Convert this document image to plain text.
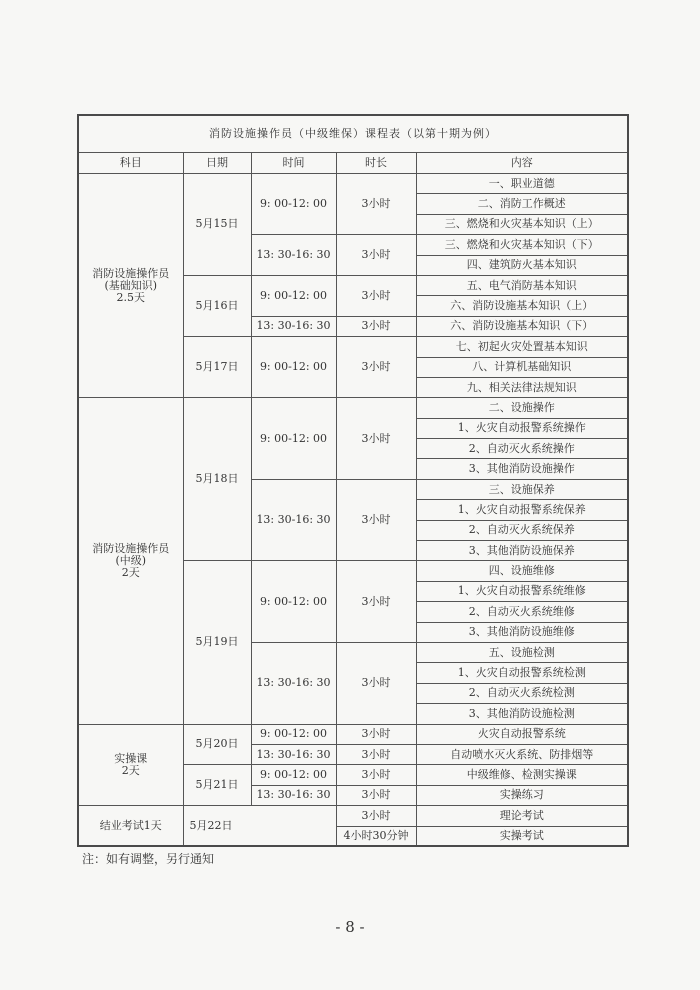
消防设施操作员（中级维保）课程表（以第十期为例）				
科目	日期	时间	时长	内容

消防设施操作员
(基础知识)
2.5天	5月15日	9: 00-12: 00	3小时	一、职业道德
				二、消防工作概述
				三、燃烧和火灾基本知识（上）
		13: 30-16: 30	3小时	三、燃烧和火灾基本知识（下）
				四、建筑防火基本知识
	5月16日	9: 00-12: 00	3小时	五、电气消防基本知识
				六、消防设施基本知识（上）
		13: 30-16: 30	3小时	六、消防设施基本知识（下）
	5月17日	9: 00-12: 00	3小时	七、初起火灾处置基本知识
				八、计算机基础知识
				九、相关法律法规知识

消防设施操作员
(中级)
2天	5月18日	9: 00-12: 00	3小时	二、设施操作
				1、火灾自动报警系统操作
				2、自动灭火系统操作
				3、其他消防设施操作
		13: 30-16: 30	3小时	三、设施保养
				1、火灾自动报警系统保养
				2、自动灭火系统保养
				3、其他消防设施保养
	5月19日	9: 00-12: 00	3小时	四、设施维修
				1、火灾自动报警系统维修
				2、自动灭火系统维修
				3、其他消防设施维修
		13: 30-16: 30	3小时	五、设施检测
				1、火灾自动报警系统检测
				2、自动灭火系统检测
				3、其他消防设施检测

实操课
2天	5月20日	9: 00-12: 00	3小时	火灾自动报警系统
		13: 30-16: 30	3小时	自动喷水灭火系统、防排烟等
	5月21日	9: 00-12: 00	3小时	中级维修、检测实操课
		13: 30-16: 30	3小时	实操练习

结业考试1天	5月22日		3小时	理论考试
			4小时30分钟	实操考试
注：如有调整，另行通知
- 8 -
